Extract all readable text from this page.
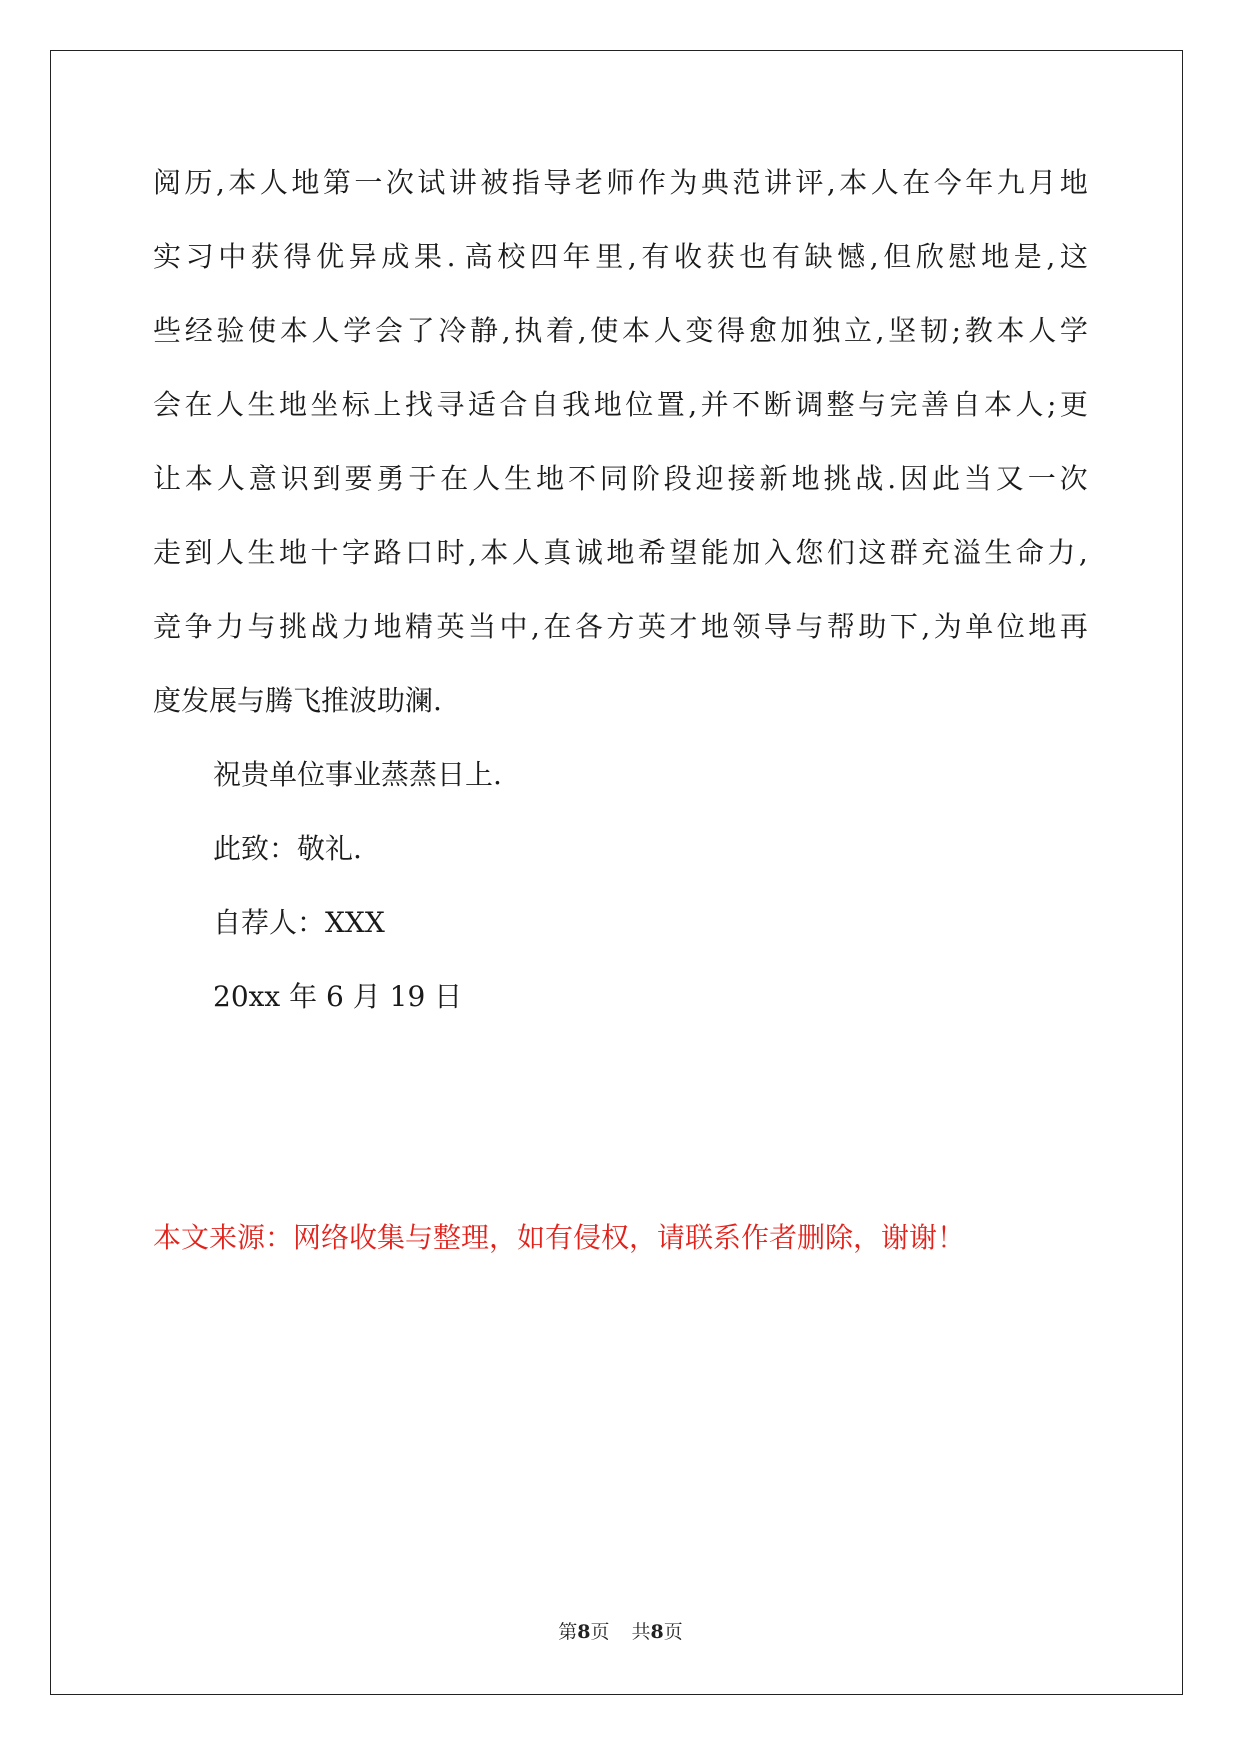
阅 历 , 本 人 地 第 一 次 试 讲 被 指 导 老 师 作 为 典 范 讲 评 , 本 人 在 今 年 九 月 地
实 习 中 获 得 优 异 成 果 . 高 校 四 年 里 , 有 收 获 也 有 缺 憾 , 但 欣 慰 地 是 , 这
些 经 验 使 本 人 学 会 了 冷 静 , 执 着 , 使 本 人 变 得 愈 加 独 立 , 坚 韧 ; 教 本 人 学
会 在 人 生 地 坐 标 上 找 寻 适 合 自 我 地 位 置 , 并 不 断 调 整 与 完 善 自 本 人 ; 更
让 本 人 意 识 到 要 勇 于 在 人 生 地 不 同 阶 段 迎 接 新 地 挑 战 . 因 此 当 又 一 次
走 到 人 生 地 十 字 路 口 时 , 本 人 真 诚 地 希 望 能 加 入 您 们 这 群 充 溢 生 命 力 ,
竞 争 力 与 挑 战 力 地 精 英 当 中 , 在 各 方 英 才 地 领 导 与 帮 助 下 , 为 单 位 地 再
度发展与腾飞推波助澜.
祝贵单位事业蒸蒸日上.
此致：敬礼.
自荐人：XXX
20xx 年 6 月 19 日
本文来源：网络收集与整理，如有侵权，请联系作者删除，谢谢！
第8页 共8页
